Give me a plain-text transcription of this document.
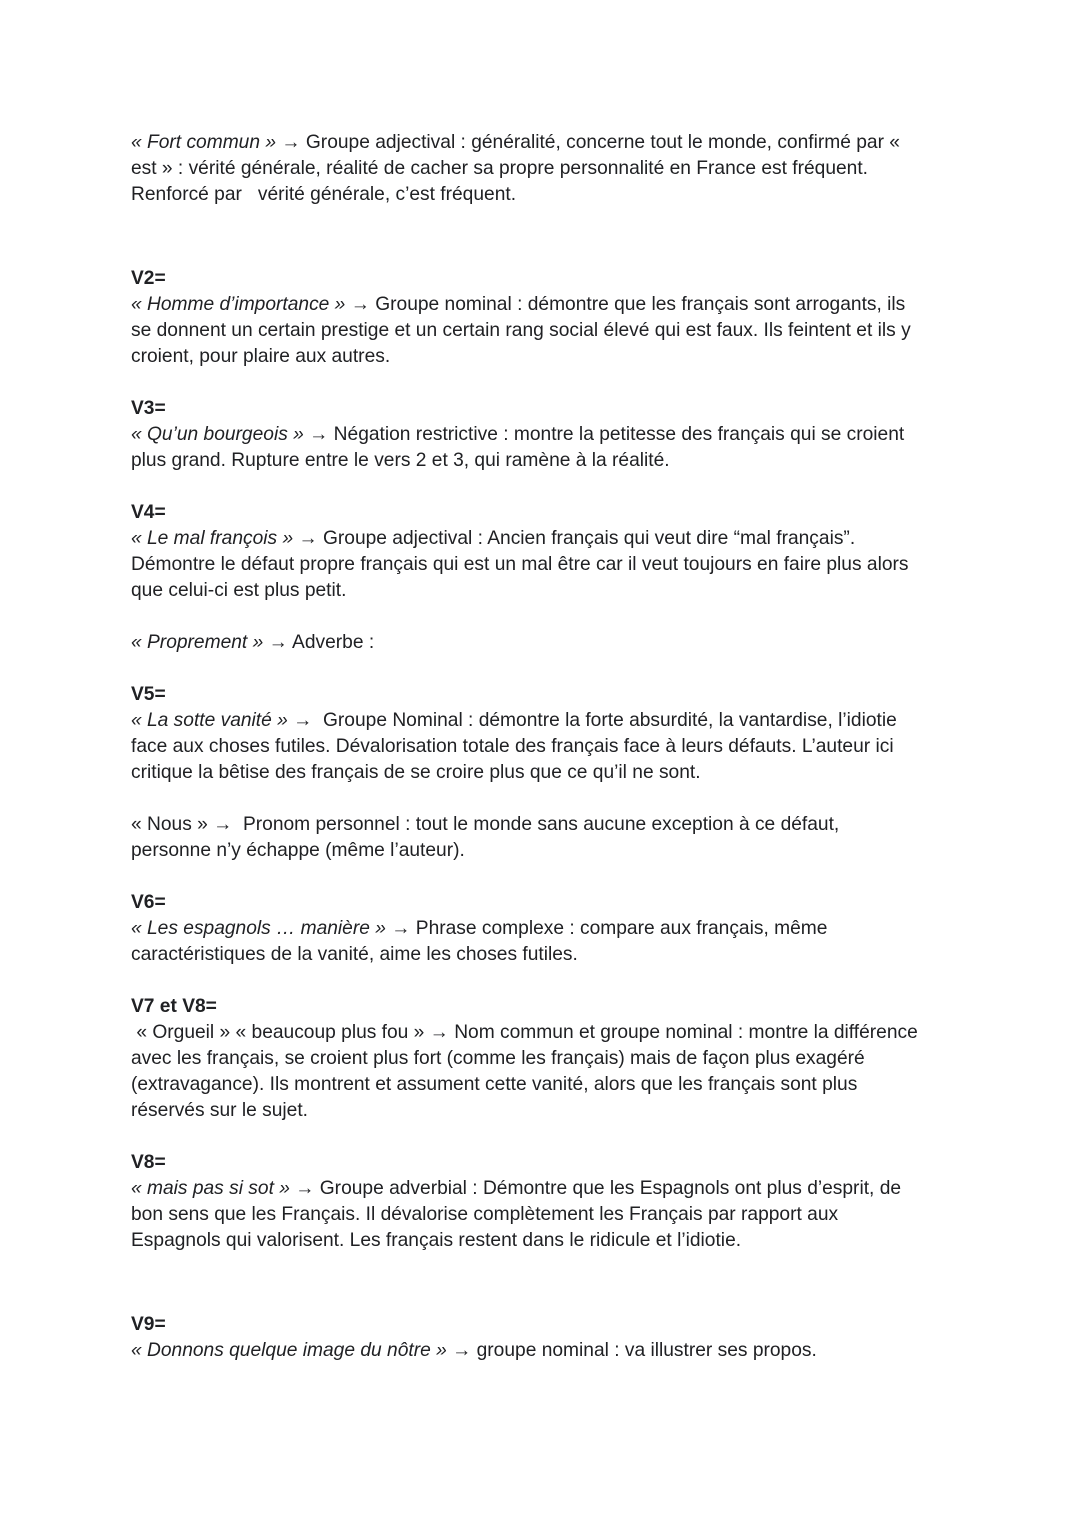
« Fort commun » → Groupe adjectival : généralité, concerne tout le monde, confirmé par «

est » : vérité générale, réalité de cacher sa propre personnalité en France est fréquent.

Renforcé par   vérité générale, c’est fréquent.

V2=

« Homme d’importance » → Groupe nominal : démontre que les français sont arrogants, ils

se donnent un certain prestige et un certain rang social élevé qui est faux. Ils feintent et ils y

croient, pour plaire aux autres.

V3=

« Qu’un bourgeois » → Négation restrictive : montre la petitesse des français qui se croient

plus grand. Rupture entre le vers 2 et 3, qui ramène à la réalité.

V4=

« Le mal françois » → Groupe adjectival : Ancien français qui veut dire “mal français”.

Démontre le défaut propre français qui est un mal être car il veut toujours en faire plus alors

que celui-ci est plus petit.

« Proprement » → Adverbe :

V5=

« La sotte vanité » →  Groupe Nominal : démontre la forte absurdité, la vantardise, l’idiotie

face aux choses futiles. Dévalorisation totale des français face à leurs défauts. L’auteur ici

critique la bêtise des français de se croire plus que ce qu’il ne sont.

« Nous » →  Pronom personnel : tout le monde sans aucune exception à ce défaut,

personne n’y échappe (même l’auteur).

V6=

« Les espagnols … manière » → Phrase complexe : compare aux français, même

caractéristiques de la vanité, aime les choses futiles.

V7 et V8=

« Orgueil » « beaucoup plus fou » → Nom commun et groupe nominal : montre la différence

avec les français, se croient plus fort (comme les français) mais de façon plus exagéré

(extravagance). Ils montrent et assument cette vanité, alors que les français sont plus

réservés sur le sujet.

V8=

« mais pas si sot » → Groupe adverbial : Démontre que les Espagnols ont plus d’esprit, de

bon sens que les Français. Il dévalorise complètement les Français par rapport aux

Espagnols qui valorisent. Les français restent dans le ridicule et l’idiotie.

V9=

« Donnons quelque image du nôtre » → groupe nominal : va illustrer ses propos.
